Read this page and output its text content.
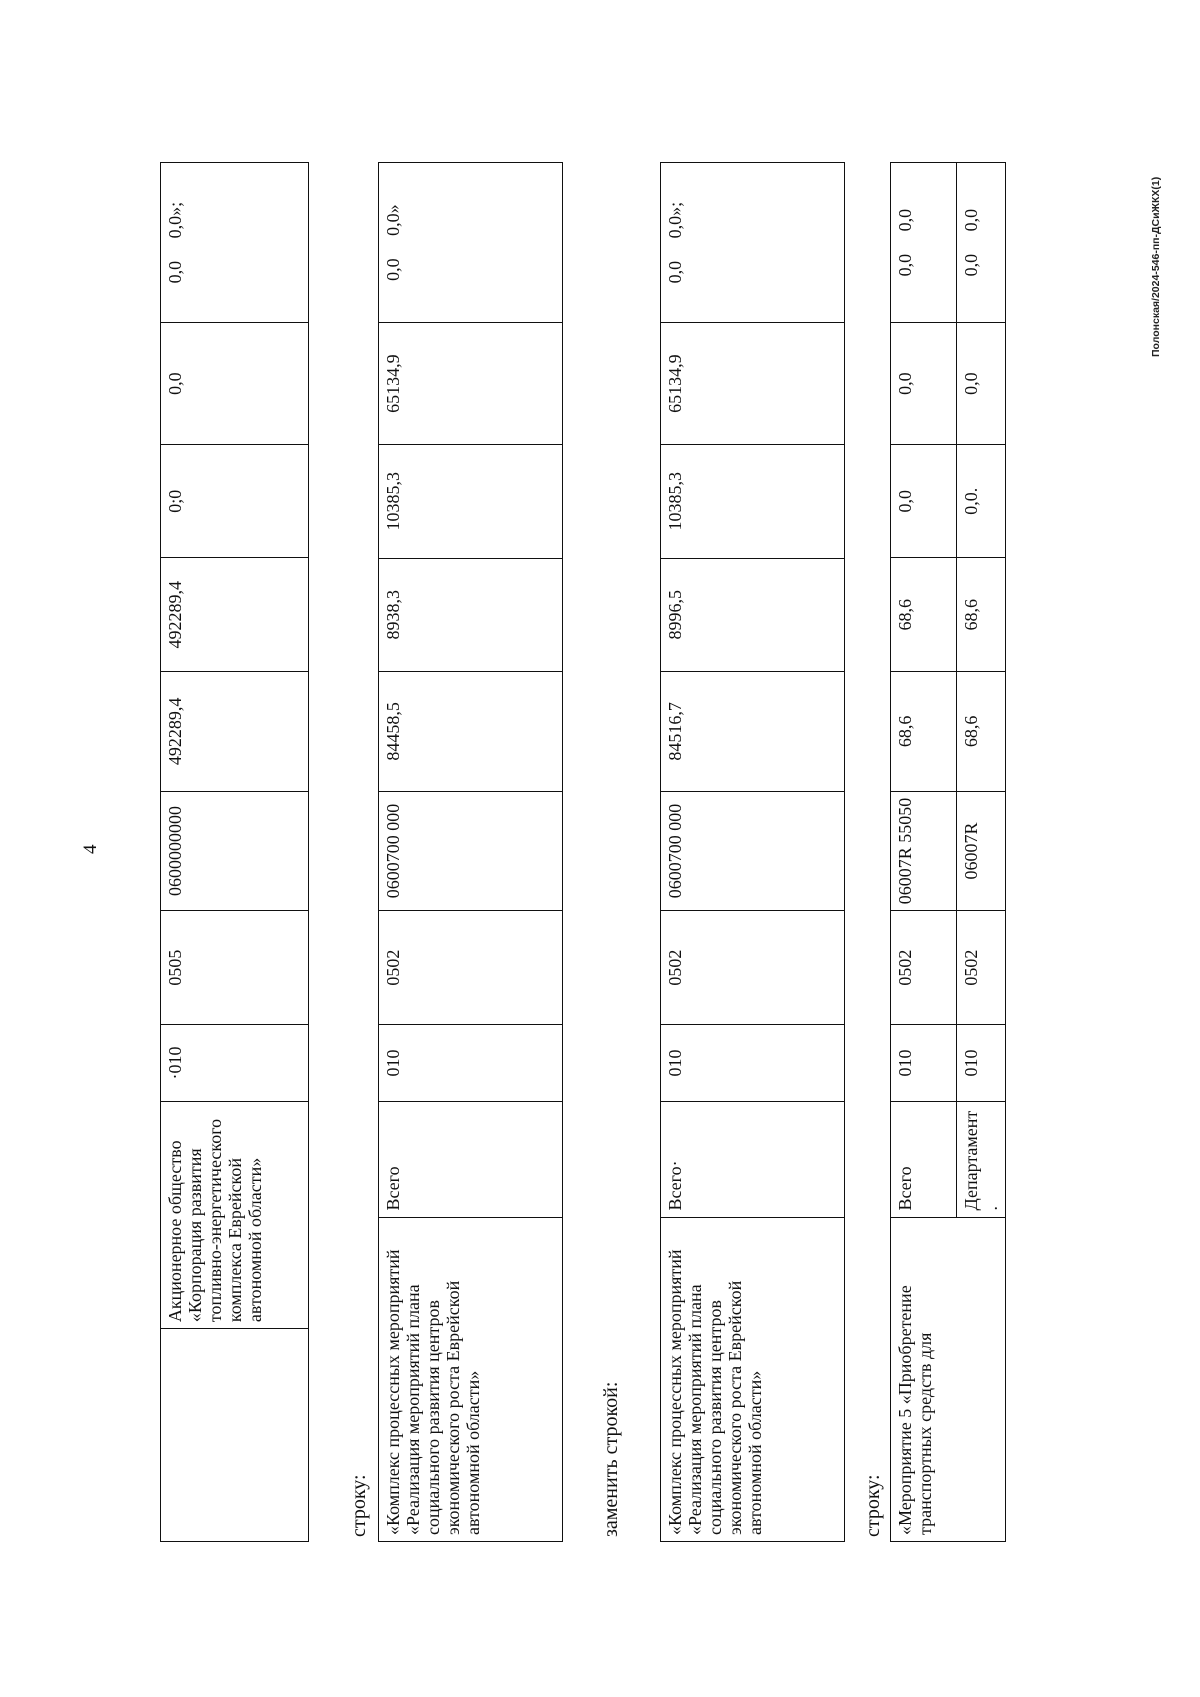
4
	Акционерное общество «Корпорация развития топливно-энергетического комплекса Еврейской автономной области»	·010	0505	0600000000	492289,4	492289,4	0;0	0,0	0,0     0,0»;
строку: «Комплекс процессных мероприятий «Реализация мероприятий плана социального развития центров экономического роста Еврейской автономной области»	Всего	010	0502	0600700 000	84458,5	8938,3	10385,3	65134,9	0,0     0,0»
заменить строкой: «Комплекс процессных мероприятий «Реализация мероприятий плана социального развития центров экономического роста Еврейской автономной области»	Всего·	010	0502	0600700 000	84516,7	8996,5	10385,3	65134,9	0,0     0,0»;
строку: «Мероприятие 5 «Приобретение транспортных средств для	Всего	010	0502	06007R 55050	68,6	68,6	0,0	0,0	0,0     0,0
	Департамент.	010	0502	06007R	68,6	68,6	0,0.	0,0	0,0     0,0	Полонская/2024-546-пп-ДСиЖКХ(1)
